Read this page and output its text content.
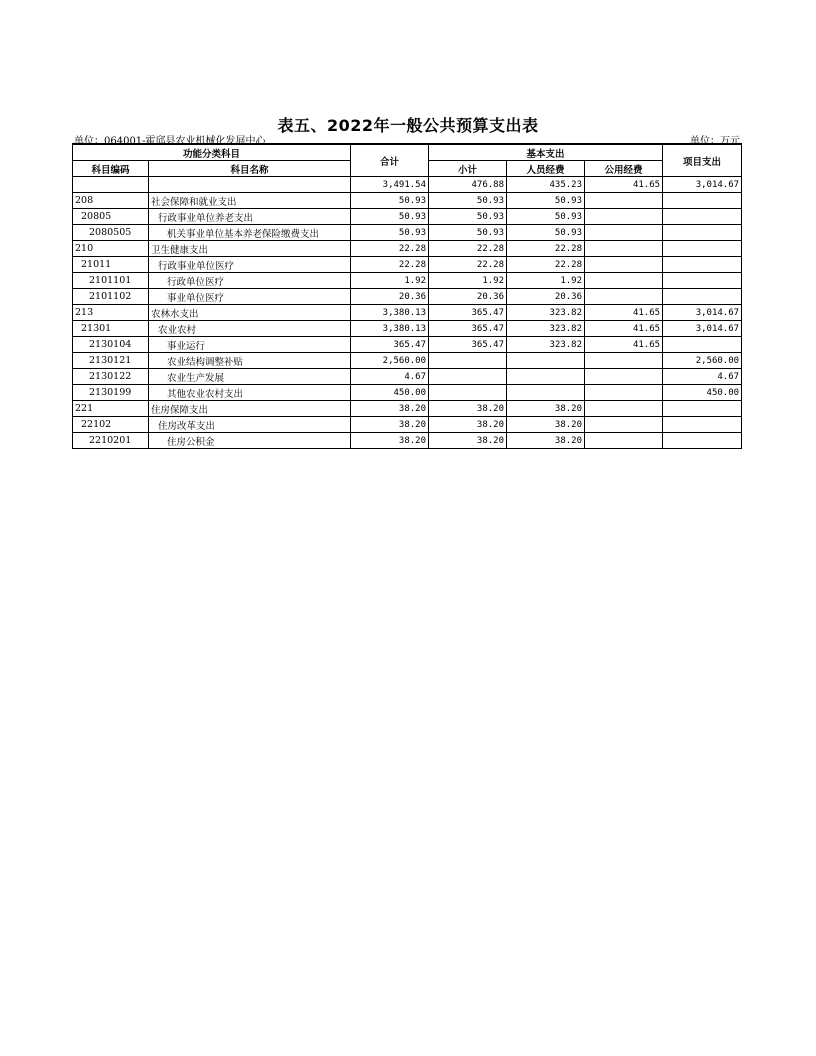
表五、2022年一般公共预算支出表
单位：064001-霍邱县农业机械化发展中心	单位：万元
功能分类科目		合计	基本支出			项目支出
科目编码	科目名称		小计	人员经费	公用经费	
		3,491.54	476.88	435.23	41.65	3,014.67
208	社会保障和就业支出	50.93	50.93	50.93		
20805	行政事业单位养老支出	50.93	50.93	50.93		
2080505	机关事业单位基本养老保险缴费支出	50.93	50.93	50.93		
210	卫生健康支出	22.28	22.28	22.28		
21011	行政事业单位医疗	22.28	22.28	22.28		
2101101	行政单位医疗	1.92	1.92	1.92		
2101102	事业单位医疗	20.36	20.36	20.36		
213	农林水支出	3,380.13	365.47	323.82	41.65	3,014.67
21301	农业农村	3,380.13	365.47	323.82	41.65	3,014.67
2130104	事业运行	365.47	365.47	323.82	41.65	
2130121	农业结构调整补贴	2,560.00				2,560.00
2130122	农业生产发展	4.67				4.67
2130199	其他农业农村支出	450.00				450.00
221	住房保障支出	38.20	38.20	38.20		
22102	住房改革支出	38.20	38.20	38.20		
2210201	住房公积金	38.20	38.20	38.20		
